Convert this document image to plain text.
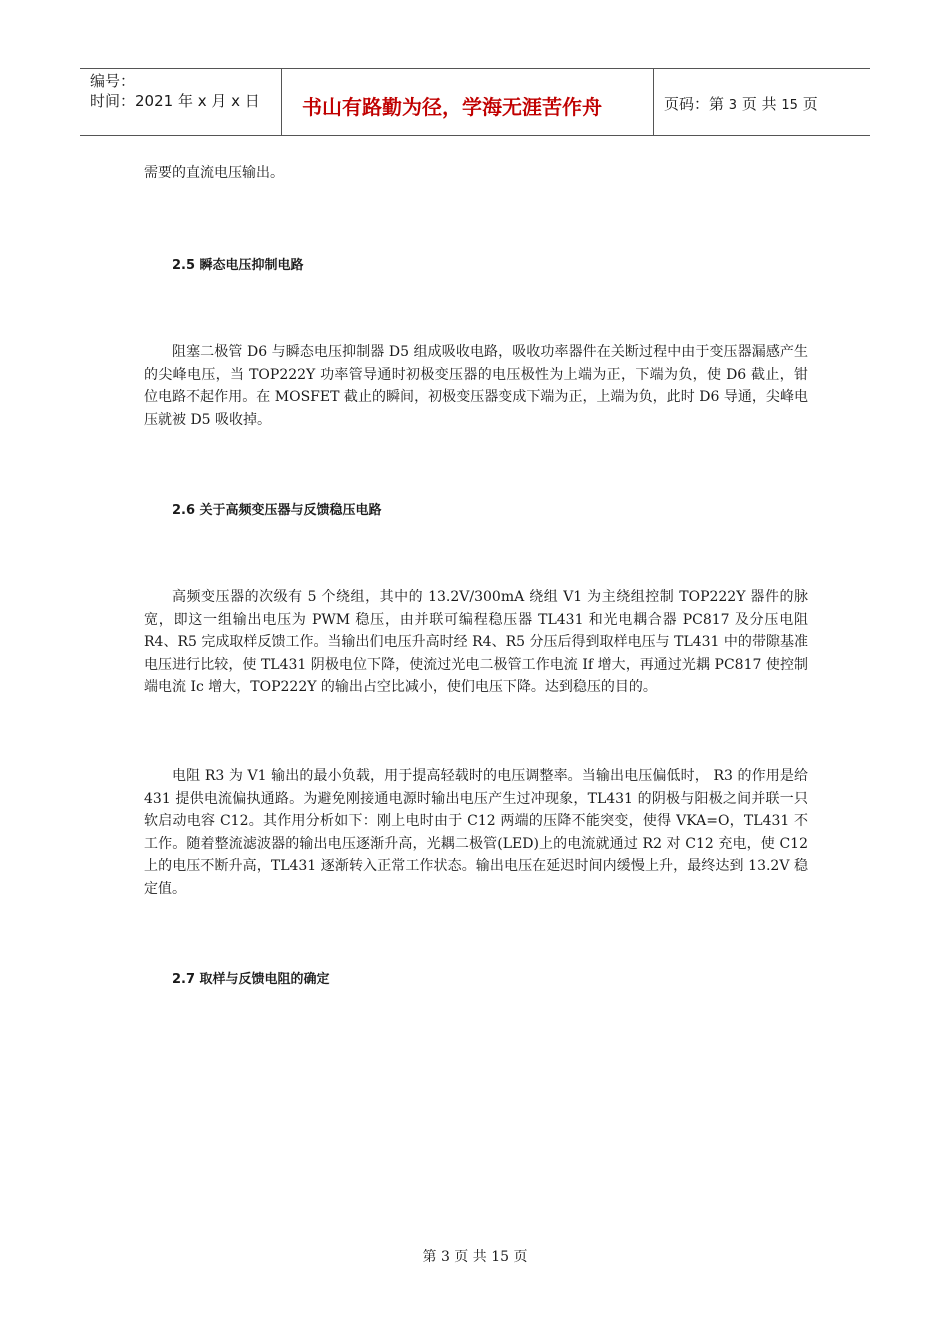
编号：
时间：2021 年 x 月 x 日	书山有路勤为径，学海无涯苦作舟	页码：第 3 页 共 15 页

需要的直流电压输出。

2.5 瞬态电压抑制电路

阻塞二极管 D6 与瞬态电压抑制器 D5 组成吸收电路，吸收功率器件在关断过程中由于变压器漏感产生的尖峰电压，当 TOP222Y 功率管导通时初极变压器的电压极性为上端为正，下端为负，使 D6 截止，钳位电路不起作用。在 MOSFET 截止的瞬间，初极变压器变成下端为正，上端为负，此时 D6 导通，尖峰电压就被 D5 吸收掉。

2.6 关于高频变压器与反馈稳压电路

高频变压器的次级有 5 个绕组，其中的 13.2V/300mA 绕组 V1 为主绕组控制 TOP222Y 器件的脉宽，即这一组输出电压为 PWM 稳压，由并联可编程稳压器 TL431 和光电耦合器 PC817 及分压电阻 R4、R5 完成取样反馈工作。当输出们电压升高时经 R4、R5 分压后得到取样电压与 TL431 中的带隙基准电压进行比较，使 TL431 阴极电位下降，使流过光电二极管工作电流 If 增大，再通过光耦 PC817 使控制端电流 Ic 增大，TOP222Y 的输出占空比减小，使们电压下降。达到稳压的目的。

电阻 R3 为 V1 输出的最小负载，用于提高轻载时的电压调整率。当输出电压偏低时， R3 的作用是给 431 提供电流偏执通路。为避免刚接通电源时输出电压产生过冲现象，TL431 的阴极与阳极之间并联一只软启动电容 C12。其作用分析如下：刚上电时由于 C12 两端的压降不能突变，使得 VKA=O，TL431 不工作。随着整流滤波器的输出电压逐渐升高，光耦二极管(LED)上的电流就通过 R2 对 C12 充电，使 C12 上的电压不断升高，TL431 逐渐转入正常工作状态。输出电压在延迟时间内缓慢上升，最终达到 13.2V 稳定值。

2.7 取样与反馈电阻的确定

第 3 页 共 15 页
